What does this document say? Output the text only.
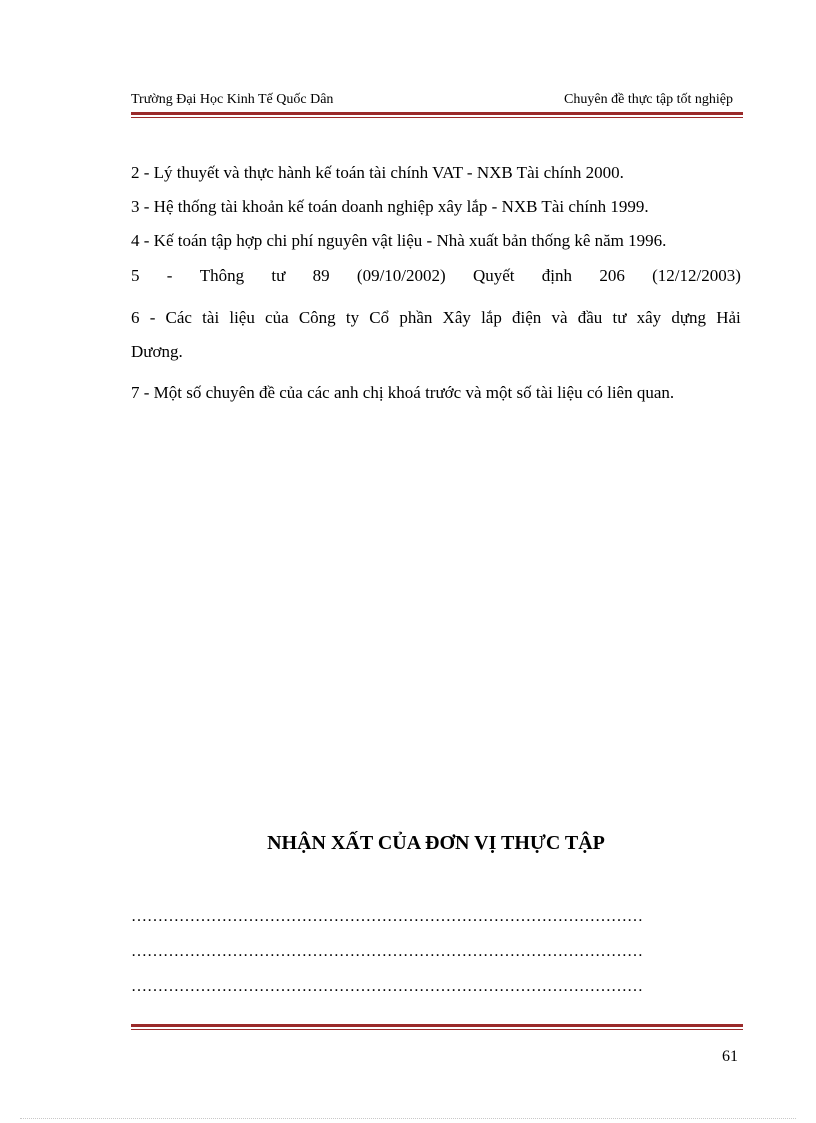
Trường Đại Học Kinh Tế Quốc Dân	Chuyên đề thực tập tốt nghiệp
2 - Lý thuyết và thực hành kế toán tài chính VAT - NXB Tài chính 2000.
3 - Hệ thống tài khoản kế toán doanh nghiệp xây lắp - NXB Tài chính 1999.
4 - Kế toán tập hợp chi phí nguyên vật liệu - Nhà xuất bản thống kê năm 1996.
5 - Thông tư 89 (09/10/2002) Quyết định 206 (12/12/2003)
6 - Các tài liệu của Công ty Cổ phần Xây lắp điện và đầu tư xây dựng Hải
Dương.
7 - Một số chuyên đề của các anh chị khoá trước và một số tài liệu có liên quan.
NHẬN XẤT CỦA ĐƠN VỊ THỰC TẬP
……………………………………………………………………………………
……………………………………………………………………………………
……………………………………………………………………………………
61
